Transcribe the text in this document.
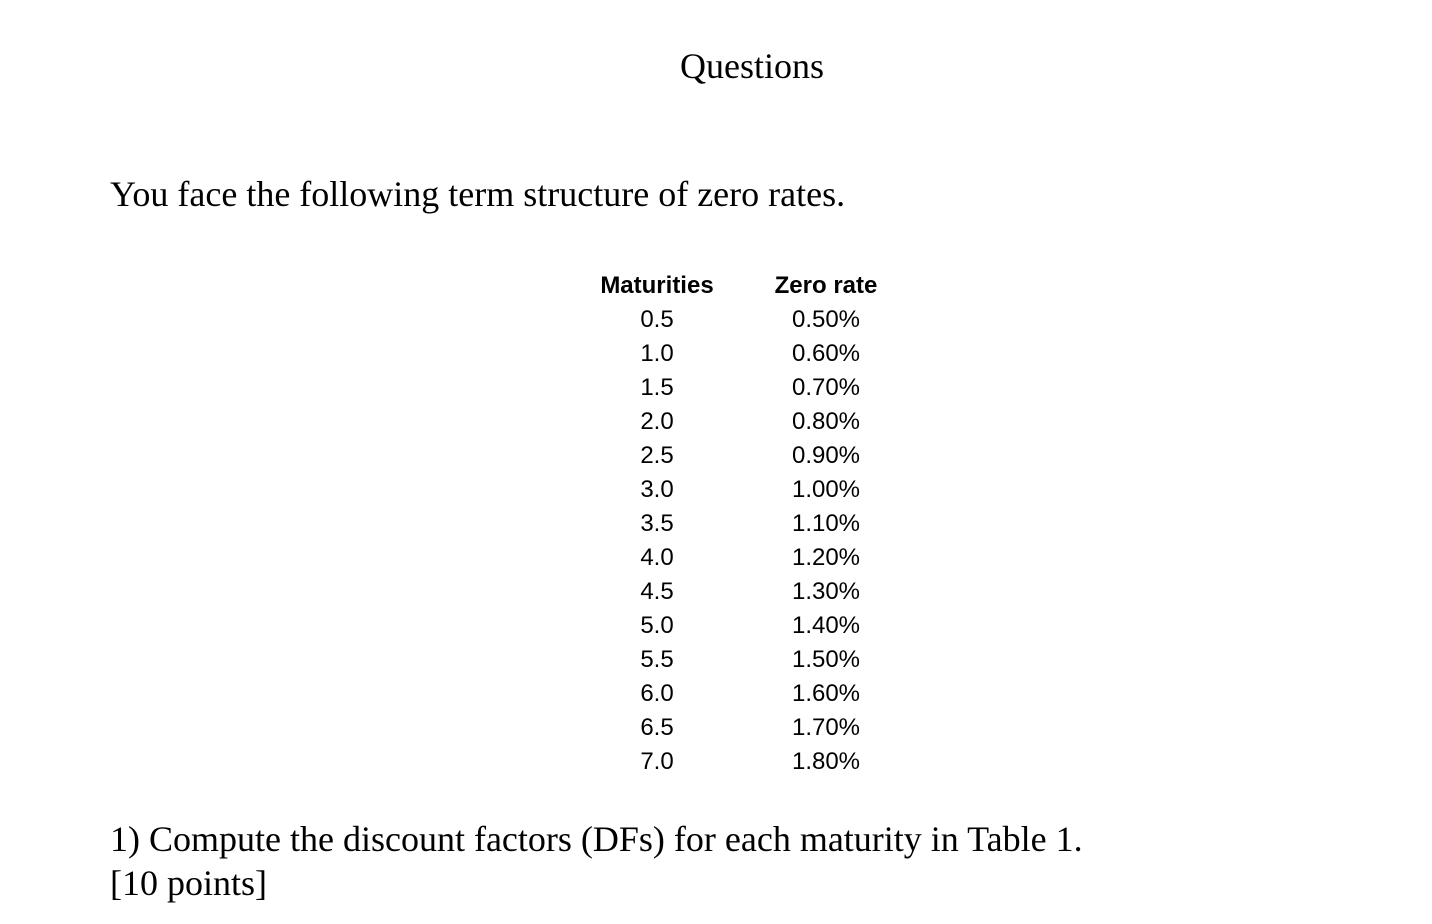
Questions

You face the following term structure of zero rates.

Maturities	Zero rate
0.5	0.50%
1.0	0.60%
1.5	0.70%
2.0	0.80%
2.5	0.90%
3.0	1.00%
3.5	1.10%
4.0	1.20%
4.5	1.30%
5.0	1.40%
5.5	1.50%
6.0	1.60%
6.5	1.70%
7.0	1.80%

1) Compute the discount factors (DFs) for each maturity in Table 1.
[10 points]
